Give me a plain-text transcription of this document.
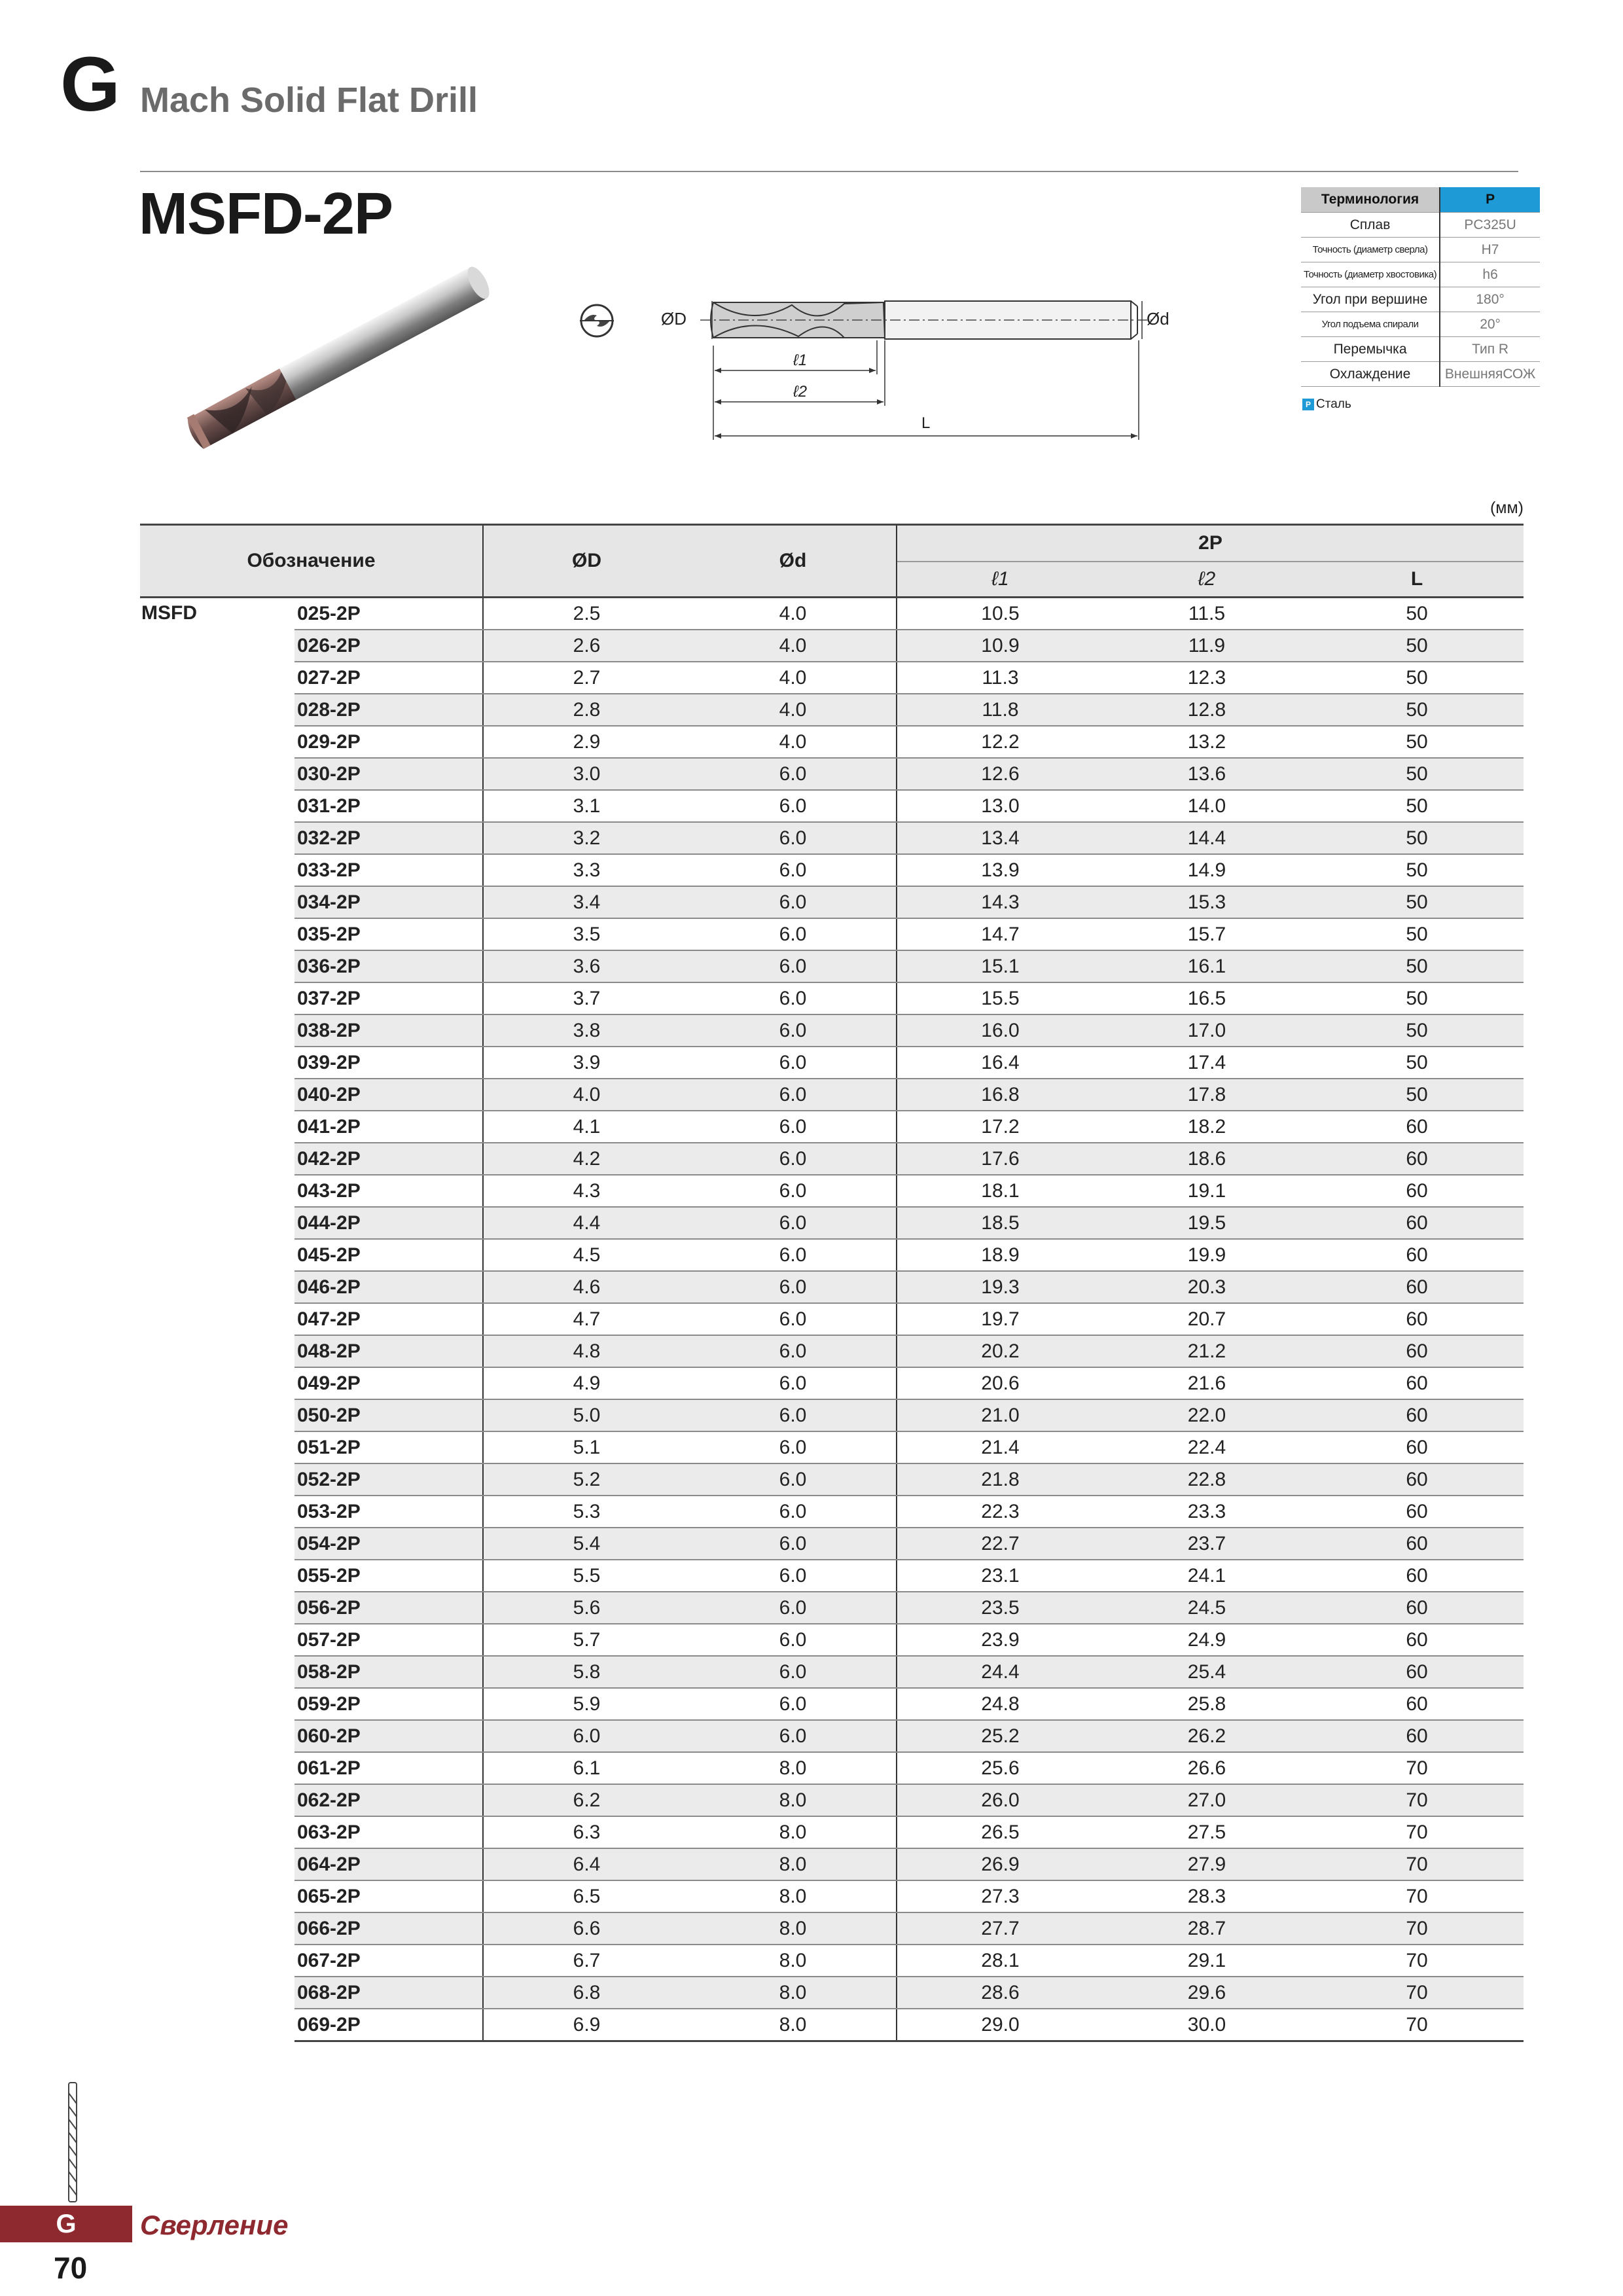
G Mach Solid Flat Drill
MSFD-2P
ØD	Ød
ℓ1
ℓ2
L
Терминология	P
Сплав	PC325U
Точность (диаметр сверла)	H7
Точность (диаметр хвостовика)	h6
Угол при вершине	180°
Угол подъема спирали	20°
Перемычка	Тип R
Охлаждение	ВнешняяСОЖ
P Сталь
(мм)
Обозначение		ØD	Ød	2P		
				ℓ1	ℓ2	L
MSFD	025-2P	2.5	4.0	10.5	11.5	50
	026-2P	2.6	4.0	10.9	11.9	50
	027-2P	2.7	4.0	11.3	12.3	50
	028-2P	2.8	4.0	11.8	12.8	50
	029-2P	2.9	4.0	12.2	13.2	50
	030-2P	3.0	6.0	12.6	13.6	50
	031-2P	3.1	6.0	13.0	14.0	50
	032-2P	3.2	6.0	13.4	14.4	50
	033-2P	3.3	6.0	13.9	14.9	50
	034-2P	3.4	6.0	14.3	15.3	50
	035-2P	3.5	6.0	14.7	15.7	50
	036-2P	3.6	6.0	15.1	16.1	50
	037-2P	3.7	6.0	15.5	16.5	50
	038-2P	3.8	6.0	16.0	17.0	50
	039-2P	3.9	6.0	16.4	17.4	50
	040-2P	4.0	6.0	16.8	17.8	50
	041-2P	4.1	6.0	17.2	18.2	60
	042-2P	4.2	6.0	17.6	18.6	60
	043-2P	4.3	6.0	18.1	19.1	60
	044-2P	4.4	6.0	18.5	19.5	60
	045-2P	4.5	6.0	18.9	19.9	60
	046-2P	4.6	6.0	19.3	20.3	60
	047-2P	4.7	6.0	19.7	20.7	60
	048-2P	4.8	6.0	20.2	21.2	60
	049-2P	4.9	6.0	20.6	21.6	60
	050-2P	5.0	6.0	21.0	22.0	60
	051-2P	5.1	6.0	21.4	22.4	60
	052-2P	5.2	6.0	21.8	22.8	60
	053-2P	5.3	6.0	22.3	23.3	60
	054-2P	5.4	6.0	22.7	23.7	60
	055-2P	5.5	6.0	23.1	24.1	60
	056-2P	5.6	6.0	23.5	24.5	60
	057-2P	5.7	6.0	23.9	24.9	60
	058-2P	5.8	6.0	24.4	25.4	60
	059-2P	5.9	6.0	24.8	25.8	60
	060-2P	6.0	6.0	25.2	26.2	60
	061-2P	6.1	8.0	25.6	26.6	70
	062-2P	6.2	8.0	26.0	27.0	70
	063-2P	6.3	8.0	26.5	27.5	70
	064-2P	6.4	8.0	26.9	27.9	70
	065-2P	6.5	8.0	27.3	28.3	70
	066-2P	6.6	8.0	27.7	28.7	70
	067-2P	6.7	8.0	28.1	29.1	70
	068-2P	6.8	8.0	28.6	29.6	70
	069-2P	6.9	8.0	29.0	30.0	70
G	Сверление
70
